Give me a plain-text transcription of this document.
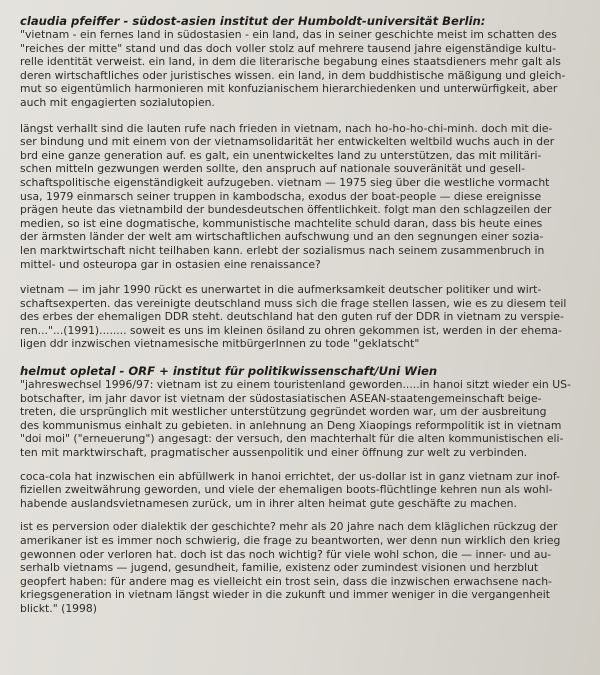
claudia pfeiffer - südost-asien institut der Humboldt-universität Berlin:

"vietnam - ein fernes land in südostasien - ein land, das in seiner geschichte meist im schatten des
"reiches der mitte" stand und das doch voller stolz auf mehrere tausend jahre eigenständige kultu-
relle identität verweist. ein land, in dem die literarische begabung eines staatsdieners mehr galt als
deren wirtschaftliches oder juristisches wissen. ein land, in dem buddhistische mäßigung und gleich-
mut so eigentümlich harmonieren mit konfuzianischem hierarchiedenken und unterwürfigkeit, aber
auch mit engagierten sozialutopien.

längst verhallt sind die lauten rufe nach frieden in vietnam, nach ho-ho-ho-chi-minh. doch mit die-
ser bindung und mit einem von der vietnamsolidarität her entwickelten weltbild wuchs auch in der
brd eine ganze generation auf. es galt, ein unentwickeltes land zu unterstützen, das mit militäri-
schen mitteln gezwungen werden sollte, den anspruch auf nationale souveränität und gesell-
schaftspolitische eigenständigkeit aufzugeben. vietnam — 1975 sieg über die westliche vormacht
usa, 1979 einmarsch seiner truppen in kambodscha, exodus der boat-people — diese ereignisse
prägen heute das vietnambild der bundesdeutschen öffentlichkeit. folgt man den schlagzeilen der
medien, so ist eine dogmatische, kommunistische machtelite schuld daran, dass bis heute eines
der ärmsten länder der welt am wirtschaftlichen aufschwung und an den segnungen einer sozia-
len marktwirtschaft nicht teilhaben kann. erlebt der sozialismus nach seinem zusammenbruch in
mittel- und osteuropa gar in ostasien eine renaissance?

vietnam — im jahr 1990 rückt es unerwartet in die aufmerksamkeit deutscher politiker und wirt-
schaftsexperten. das vereinigte deutschland muss sich die frage stellen lassen, wie es zu diesem teil
des erbes der ehemaligen DDR steht. deutschland hat den guten ruf der DDR in vietnam zu verspie-
ren..."...(1991)........ soweit es uns im kleinen ösiland zu ohren gekommen ist, werden in der ehema-
ligen ddr inzwischen vietnamesische mitbürgerInnen zu tode "geklatscht"

helmut opletal - ORF + institut für politikwissenschaft/Uni Wien

"jahreswechsel 1996/97: vietnam ist zu einem touristenland geworden.....in hanoi sitzt wieder ein US-
botschafter, im jahr davor ist vietnam der südostasiatischen ASEAN-staatengemeinschaft beige-
treten, die ursprünglich mit westlicher unterstützung gegründet worden war, um der ausbreitung
des kommunismus einhalt zu gebieten. in anlehnung an Deng Xiaopings reformpolitik ist in vietnam
"doi moi" ("erneuerung") angesagt: der versuch, den machterhalt für die alten kommunistischen eli-
ten mit marktwirschaft, pragmatischer aussenpolitik und einer öffnung zur welt zu verbinden.

coca-cola hat inzwischen ein abfüllwerk in hanoi errichtet, der us-dollar ist in ganz vietnam zur inof-
fiziellen zweitwährung geworden, und viele der ehemaligen boots-flüchtlinge kehren nun als wohl-
habende auslandsvietnamesen zurück, um in ihrer alten heimat gute geschäfte zu machen.

ist es perversion oder dialektik der geschichte? mehr als 20 jahre nach dem kläglichen rückzug der
amerikaner ist es immer noch schwierig, die frage zu beantworten, wer denn nun wirklich den krieg
gewonnen oder verloren hat. doch ist das noch wichtig? für viele wohl schon, die — inner- und au-
serhalb vietnams — jugend, gesundheit, familie, existenz oder zumindest visionen und herzblut
geopfert haben: für andere mag es vielleicht ein trost sein, dass die inzwischen erwachsene nach-
kriegsgeneration in vietnam längst wieder in die zukunft und immer weniger in die vergangenheit
blickt." (1998)
